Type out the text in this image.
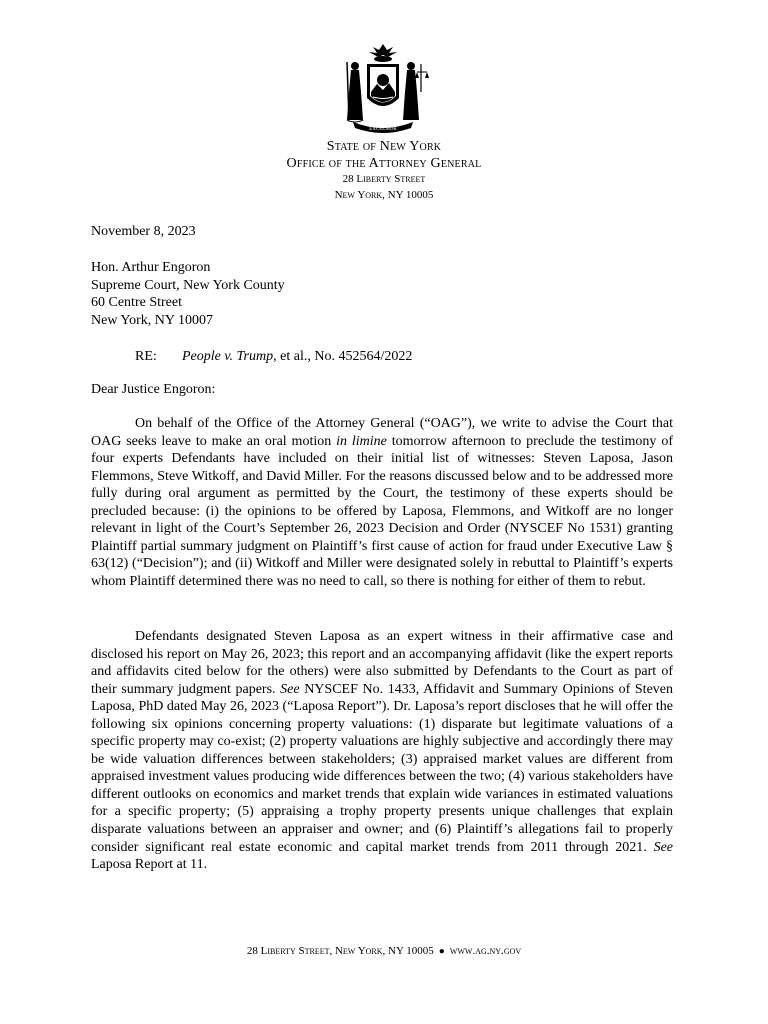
EXCELSIOR
State of New York
Office of the Attorney General
28 Liberty Street
New York, NY 10005
November 8, 2023
Hon. Arthur Engoron
Supreme Court, New York County
60 Centre Street
New York, NY 10007
RE: People v. Trump, et al., No. 452564/2022
Dear Justice Engoron:
On behalf of the Office of the Attorney General (“OAG”), we write to advise the Court that OAG seeks leave to make an oral motion in limine tomorrow afternoon to preclude the testimony of four experts Defendants have included on their initial list of witnesses: Steven Laposa, Jason Flemmons, Steve Witkoff, and David Miller. For the reasons discussed below and to be addressed more fully during oral argument as permitted by the Court, the testimony of these experts should be precluded because: (i) the opinions to be offered by Laposa, Flemmons, and Witkoff are no longer relevant in light of the Court’s September 26, 2023 Decision and Order (NYSCEF No 1531) granting Plaintiff partial summary judgment on Plaintiff’s first cause of action for fraud under Executive Law § 63(12) (“Decision”); and (ii) Witkoff and Miller were designated solely in rebuttal to Plaintiff’s experts whom Plaintiff determined there was no need to call, so there is nothing for either of them to rebut.
Defendants designated Steven Laposa as an expert witness in their affirmative case and disclosed his report on May 26, 2023; this report and an accompanying affidavit (like the expert reports and affidavits cited below for the others) were also submitted by Defendants to the Court as part of their summary judgment papers. See NYSCEF No. 1433, Affidavit and Summary Opinions of Steven Laposa, PhD dated May 26, 2023 (“Laposa Report”). Dr. Laposa’s report discloses that he will offer the following six opinions concerning property valuations: (1) disparate but legitimate valuations of a specific property may co-exist; (2) property valuations are highly subjective and accordingly there may be wide valuation differences between stakeholders; (3) appraised market values are different from appraised investment values producing wide differences between the two; (4) various stakeholders have different outlooks on economics and market trends that explain wide variances in estimated valuations for a specific property; (5) appraising a trophy property presents unique challenges that explain disparate valuations between an appraiser and owner; and (6) Plaintiff’s allegations fail to properly consider significant real estate economic and capital market trends from 2011 through 2021. See Laposa Report at 11.
28 Liberty Street, New York, NY 10005 ● www.ag.ny.gov
